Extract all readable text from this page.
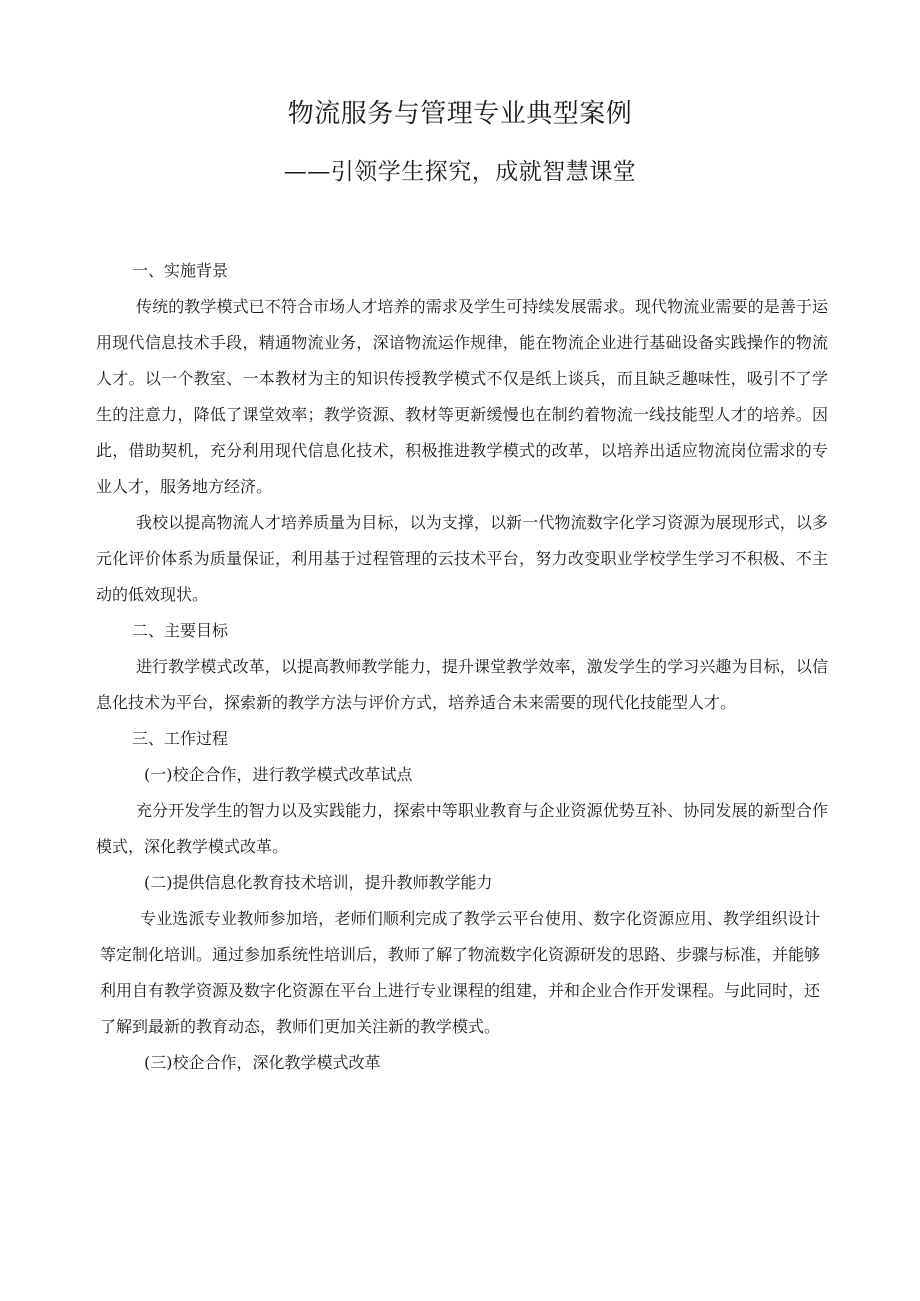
物流服务与管理专业典型案例
——引领学生探究，成就智慧课堂

一、实施背景

传统的教学模式已不符合市场人才培养的需求及学生可持续发展需求。现代物流业需要的是善于运用现代信息技术手段，精通物流业务，深谙物流运作规律，能在物流企业进行基础设备实践操作的物流人才。以一个教室、一本教材为主的知识传授教学模式不仅是纸上谈兵，而且缺乏趣味性，吸引不了学生的注意力，降低了课堂效率；教学资源、教材等更新缓慢也在制约着物流一线技能型人才的培养。因此，借助契机，充分利用现代信息化技术，积极推进教学模式的改革，以培养出适应物流岗位需求的专业人才，服务地方经济。

我校以提高物流人才培养质量为目标，以为支撑，以新一代物流数字化学习资源为展现形式，以多元化评价体系为质量保证，利用基于过程管理的云技术平台，努力改变职业学校学生学习不积极、不主动的低效现状。

二、主要目标

进行教学模式改革，以提高教师教学能力，提升课堂教学效率，激发学生的学习兴趣为目标，以信息化技术为平台，探索新的教学方法与评价方式，培养适合未来需要的现代化技能型人才。

三、工作过程

(一)校企合作，进行教学模式改革试点

充分开发学生的智力以及实践能力，探索中等职业教育与企业资源优势互补、协同发展的新型合作模式，深化教学模式改革。

(二)提供信息化教育技术培训，提升教师教学能力

专业选派专业教师参加培，老师们顺利完成了教学云平台使用、数字化资源应用、教学组织设计等定制化培训。通过参加系统性培训后，教师了解了物流数字化资源研发的思路、步骤与标准，并能够利用自有教学资源及数字化资源在平台上进行专业课程的组建，并和企业合作开发课程。与此同时，还了解到最新的教育动态，教师们更加关注新的教学模式。

(三)校企合作，深化教学模式改革
